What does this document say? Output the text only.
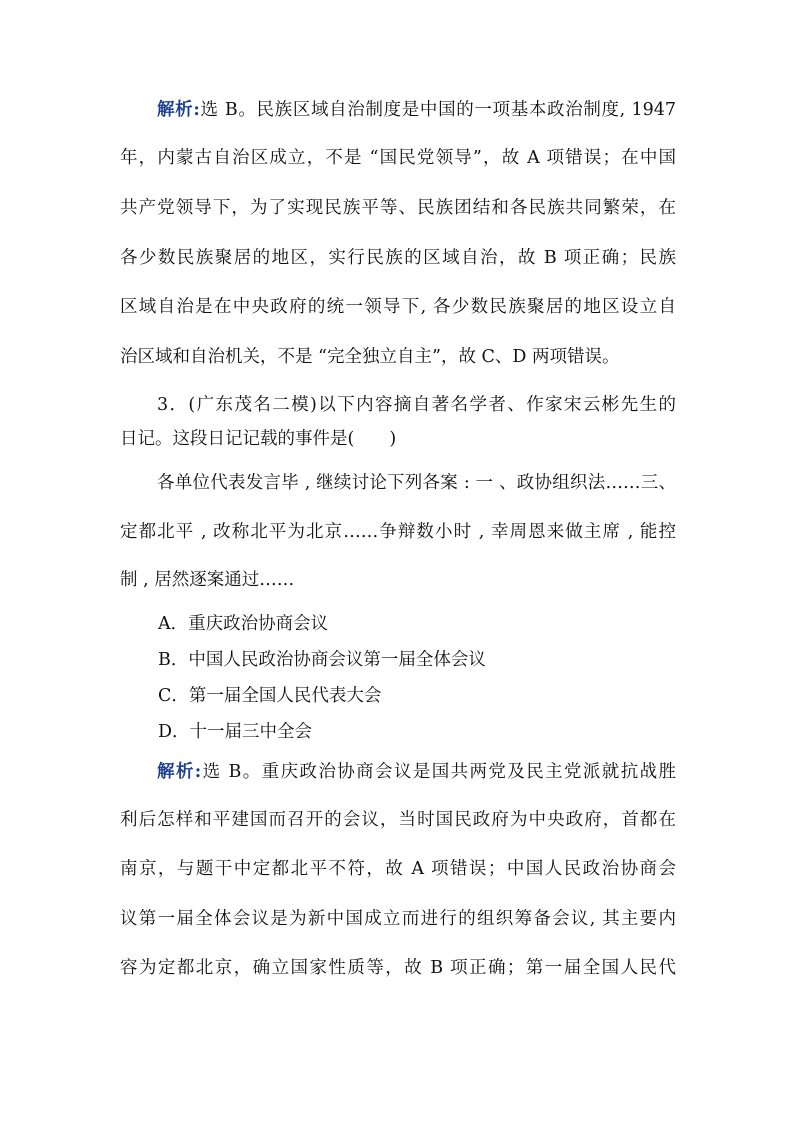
解析:选 B。民族区域自治制度是中国的一项基本政治制度, 1947
年，内蒙古自治区成立，不是 “国民党领导”，故 A 项错误；在中国
共产党领导下，为了实现民族平等、民族团结和各民族共同繁荣，在
各少数民族聚居的地区，实行民族的区域自治，故 B 项正确；民族
区域自治是在中央政府的统一领导下, 各少数民族聚居的地区设立自
治区域和自治机关，不是 “完全独立自主”，故 C、D 两项错误。
3．(广东茂名二模)以下内容摘自著名学者、作家宋云彬先生的
日记。这段日记记载的事件是(　　)
各单位代表发言毕 , 继续讨论下列各案 : 一 、政协组织法……三、
定都北平 , 改称北平为北京……争辩数小时 , 幸周恩来做主席 , 能控
制 , 居然逐案通过……
A．重庆政治协商会议
B．中国人民政治协商会议第一届全体会议
C．第一届全国人民代表大会
D．十一届三中全会
解析:选 B。重庆政治协商会议是国共两党及民主党派就抗战胜
利后怎样和平建国而召开的会议，当时国民政府为中央政府，首都在
南京，与题干中定都北平不符，故 A 项错误；中国人民政治协商会
议第一届全体会议是为新中国成立而进行的组织筹备会议, 其主要内
容为定都北京，确立国家性质等，故 B 项正确；第一届全国人民代
